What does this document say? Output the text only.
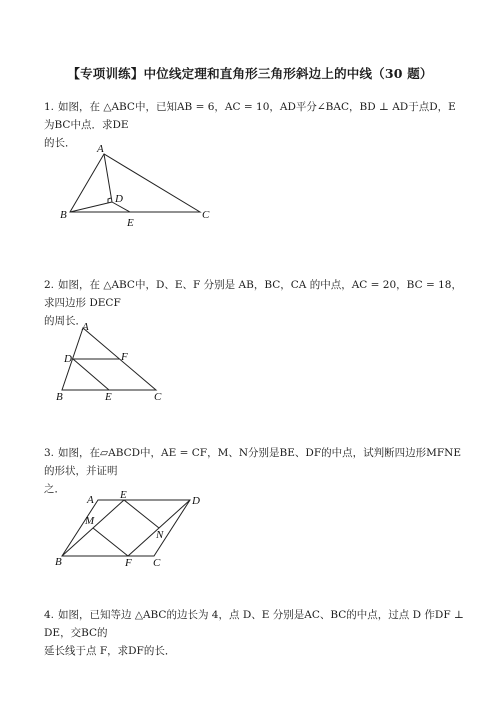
【专项训练】中位线定理和直角形三角形斜边上的中线（30 题）
1. 如图，在 △ABC中，已知AB = 6，AC = 10，AD平分∠BAC，BD ⊥ AD于点D，E为BC中点．求DE
的长．	A
B	C
D
E
2. 如图，在 △ABC中，D、E、F 分别是 AB，BC，CA 的中点，AC = 20，BC = 18，求四边形 DECF
的周长．
A
B	C
D
E
F
3. 如图，在▱ABCD中，AE = CF，M、N分别是BE、DF的中点，试判断四边形MFNE的形状，并证明
之．
A E	D
M
N
B	F C
4. 如图，已知等边 △ABC的边长为 4，点 D、E 分别是AC、BC的中点，过点 D 作DF ⊥ DE，交BC的
延长线于点 F，求DF的长．
